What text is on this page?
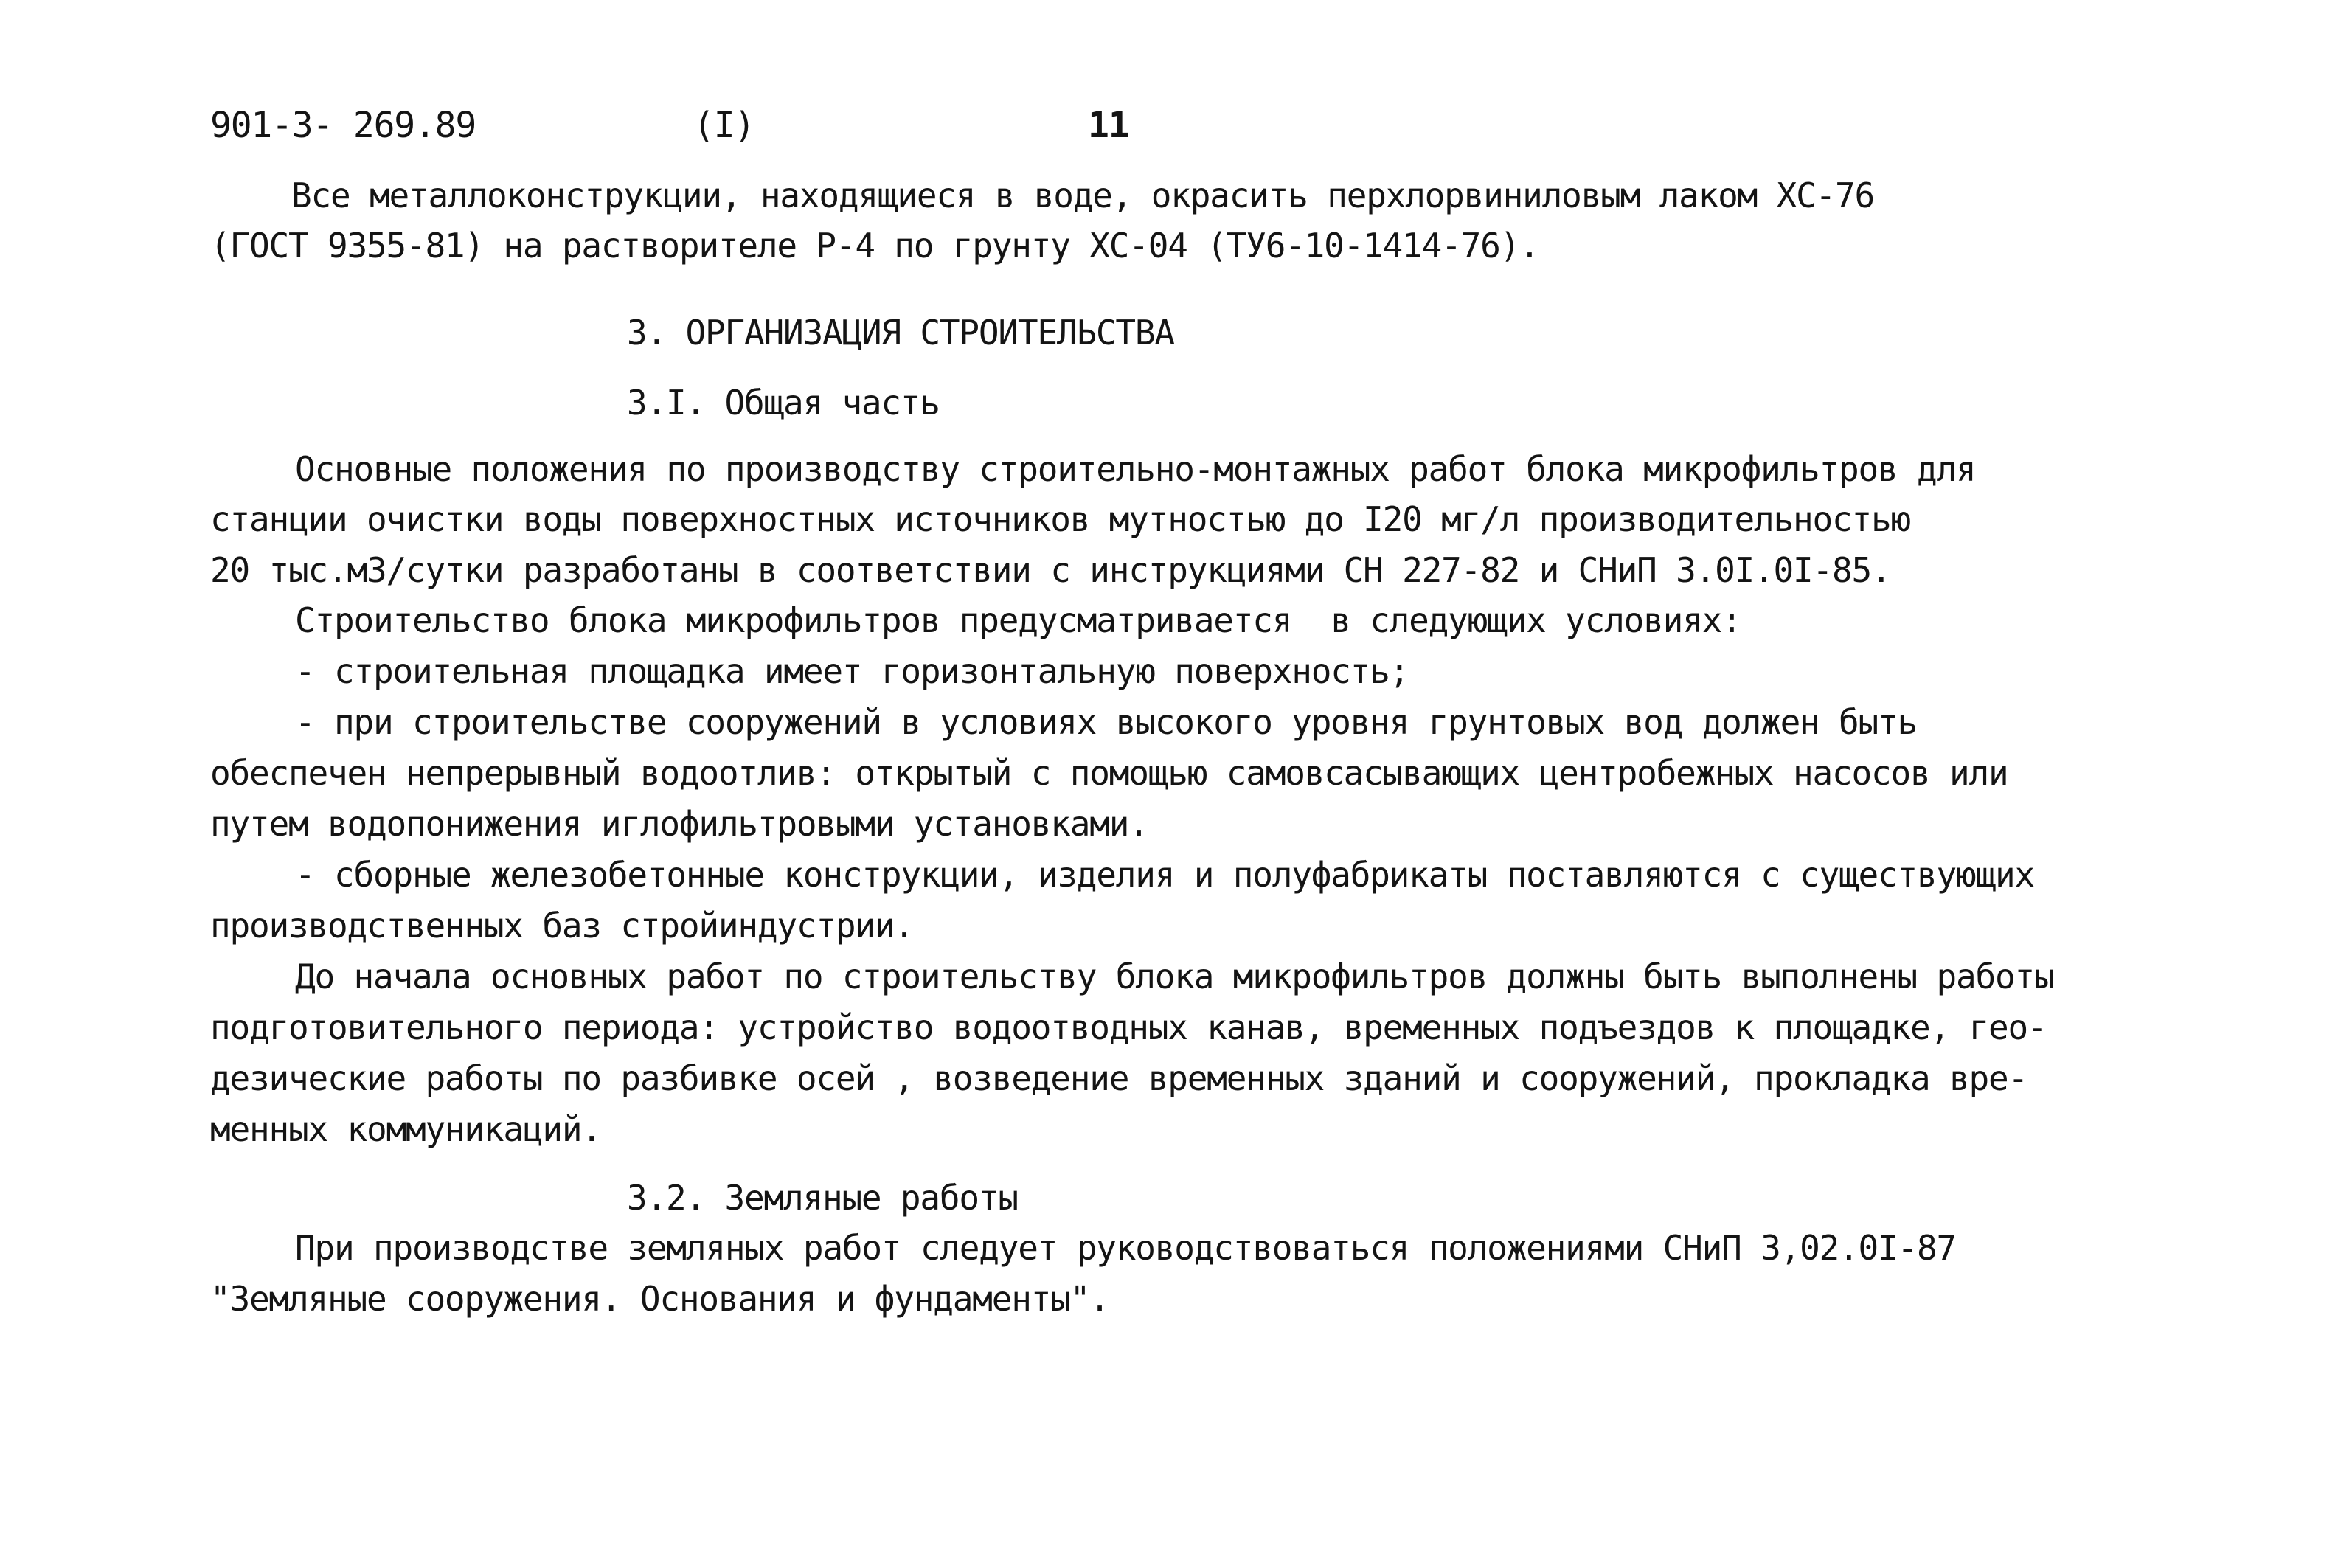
901-3- 269.89	(I)	11
Все металлоконструкции, находящиеся в воде, окрасить перхлорвиниловым лаком ХС-76
(ГОСТ 9355-81) на растворителе Р-4 по грунту ХС-04 (ТУ6-10-1414-76).
3. ОРГАНИЗАЦИЯ СТРОИТЕЛЬСТВА
3.I. Общая часть
Основные положения по производству строительно-монтажных работ блока микрофильтров для
станции очистки воды поверхностных источников мутностью до I20 мг/л производительностью
20 тыс.м3/сутки разработаны в соответствии с инструкциями СН 227-82 и СНиП 3.0I.0I-85.
Строительство блока микрофильтров предусматривается  в следующих условиях:
- строительная площадка имеет горизонтальную поверхность;
- при строительстве сооружений в условиях высокого уровня грунтовых вод должен быть
обеспечен непрерывный водоотлив: открытый с помощью самовсасывающих центробежных насосов или
путем водопонижения иглофильтровыми установками.
- сборные железобетонные конструкции, изделия и полуфабрикаты поставляются с существующих
производственных баз стройиндустрии.
До начала основных работ по строительству блока микрофильтров должны быть выполнены работы
подготовительного периода: устройство водоотводных канав, временных подъездов к площадке, гео-
дезические работы по разбивке осей , возведение временных зданий и сооружений, прокладка вре-
менных коммуникаций.
3.2. Земляные работы
При производстве земляных работ следует руководствоваться положениями СНиП 3,02.0I-87
"Земляные сооружения. Основания и фундаменты".
